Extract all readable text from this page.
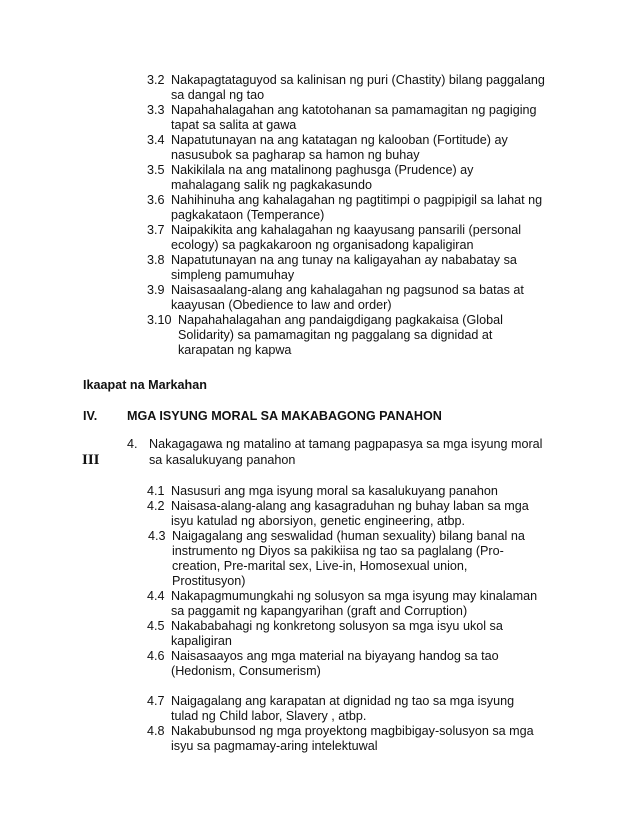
3.2 Nakapagtataguyod sa kalinisan ng puri (Chastity) bilang paggalang
sa dangal ng tao
3.3 Napahahalagahan ang katotohanan sa pamamagitan ng pagiging
tapat sa salita at gawa
3.4 Napatutunayan na ang katatagan ng kalooban (Fortitude) ay
nasusubok sa pagharap sa hamon ng buhay
3.5 Nakikilala na ang matalinong paghusga (Prudence) ay
mahalagang salik ng pagkakasundo
3.6 Nahihinuha ang kahalagahan ng pagtitimpi o pagpipigil sa lahat ng
pagkakataon (Temperance)
3.7 Naipakikita ang kahalagahan ng kaayusang pansarili (personal
ecology) sa pagkakaroon ng organisadong kapaligiran
3.8 Napatutunayan na ang tunay na kaligayahan ay nababatay sa
simpleng pamumuhay
3.9 Naisasaalang-alang ang kahalagahan ng pagsunod sa batas at
kaayusan (Obedience to law and order)
3.10 Napahahalagahan ang pandaigdigang pagkakaisa (Global
Solidarity) sa pamamagitan ng paggalang sa dignidad at
karapatan ng kapwa
Ikaapat na Markahan
IV. MGA ISYUNG MORAL SA MAKABAGONG PANAHON
4. Nakagagawa ng matalino at tamang pagpapasya sa mga isyung moral
III	sa kasalukuyang panahon
4.1 Nasusuri ang mga isyung moral sa kasalukuyang panahon
4.2 Naisasa-alang-alang ang kasagraduhan ng buhay laban sa mga
isyu katulad ng aborsiyon, genetic engineering, atbp.
4.3 Naigagalang ang seswalidad (human sexuality) bilang banal na
instrumento ng Diyos sa pakikiisa ng tao sa paglalang (Pro-
creation, Pre-marital sex, Live-in, Homosexual union,
Prostitusyon)
4.4 Nakapagmumungkahi ng solusyon sa mga isyung may kinalaman
sa paggamit ng kapangyarihan (graft and Corruption)
4.5 Nakababahagi ng konkretong solusyon sa mga isyu ukol sa
kapaligiran
4.6 Naisasaayos ang mga material na biyayang handog sa tao
(Hedonism, Consumerism)
4.7 Naigagalang ang karapatan at dignidad ng tao sa mga isyung
tulad ng Child labor, Slavery , atbp.
4.8 Nakabubunsod ng mga proyektong magbibigay-solusyon sa mga
isyu sa pagmamay-aring intelektuwal
